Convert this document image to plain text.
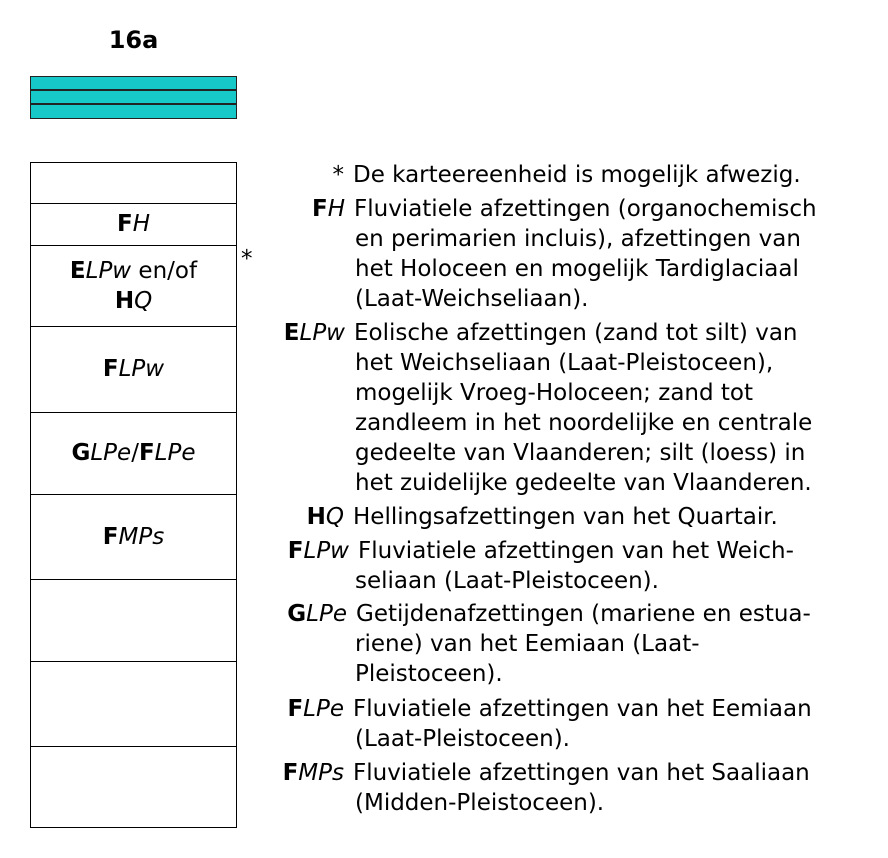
16a
FH
ELPw en/of
HQ
FLPw
GLPe/FLPe
FMPs
*
* De karteereenheid is mogelijk afwezig.
FH Fluviatiele afzettingen (organochemisch
en perimarien incluis), afzettingen van
het Holoceen en mogelijk Tardiglaciaal
(Laat-Weichseliaan).
ELPw Eolische afzettingen (zand tot silt) van
het Weichseliaan (Laat-Pleistoceen),
mogelijk Vroeg-Holoceen; zand tot
zandleem in het noordelijke en centrale
gedeelte van Vlaanderen; silt (loess) in
het zuidelijke gedeelte van Vlaanderen.
HQ Hellingsafzettingen van het Quartair.
FLPw Fluviatiele afzettingen van het Weich-
seliaan (Laat-Pleistoceen).
GLPe Getijdenafzettingen (mariene en estua-
riene) van het Eemiaan (Laat-
Pleistoceen).
FLPe Fluviatiele afzettingen van het Eemiaan
(Laat-Pleistoceen).
FMPs Fluviatiele afzettingen van het Saaliaan
(Midden-Pleistoceen).
